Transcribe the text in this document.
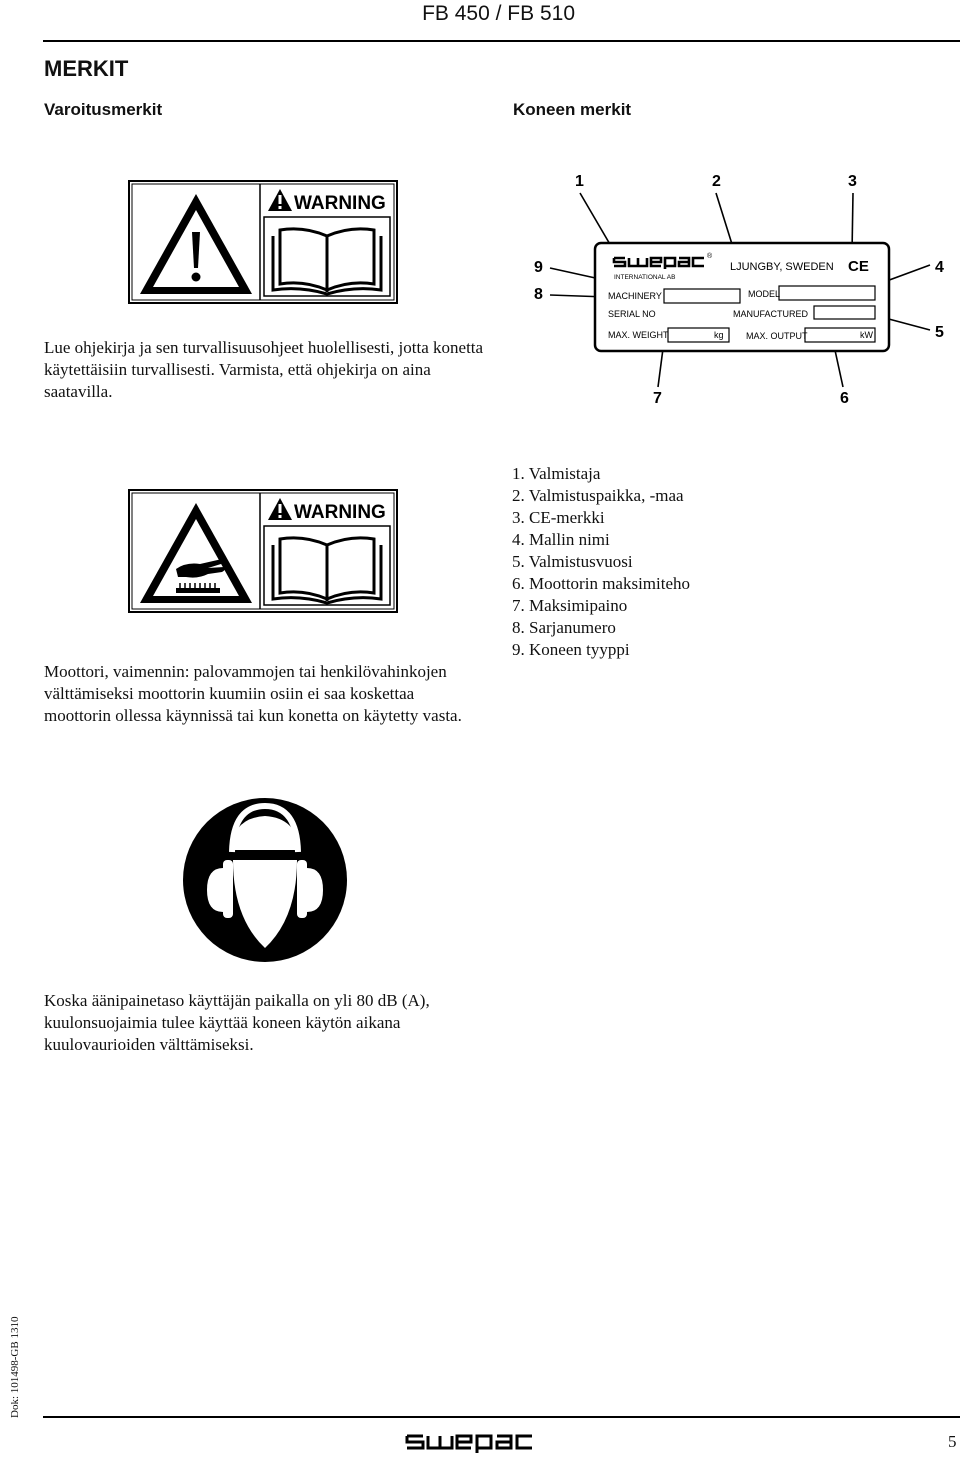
FB 450 / FB 510
MERKIT
Varoitusmerkit	Koneen merkit
WARNING
Lue ohjekirja ja sen turvallisuusohjeet huolellisesti, jotta konetta käytettäisiin turvallisesti. Varmista, että ohjekirja on aina saatavilla.
1	2	3
4
5
6
7
8
9
®
INTERNATIONAL AB
LJUNGBY, SWEDEN CE
MACHINERY	MODEL
SERIAL NO	MANUFACTURED
MAX. WEIGHT	kg MAX. OUTPUT	kW
WARNING
Moottori, vaimennin: palovammojen tai henkilövahinkojen välttämiseksi moottorin kuumiin osiin ei saa koskettaa moottorin ollessa käynnissä tai kun konetta on käytetty vasta.
1. Valmistaja
2. Valmistuspaikka, -maa
3. CE-merkki
4. Mallin nimi
5. Valmistusvuosi
6. Moottorin maksimiteho
7. Maksimipaino
8. Sarjanumero
9. Koneen tyyppi
Koska äänipainetaso käyttäjän paikalla on yli 80 dB (A), kuulonsuojaimia tulee käyttää koneen käytön aikana kuulovaurioiden välttämiseksi.
5
Dok: 101498-GB 1310
